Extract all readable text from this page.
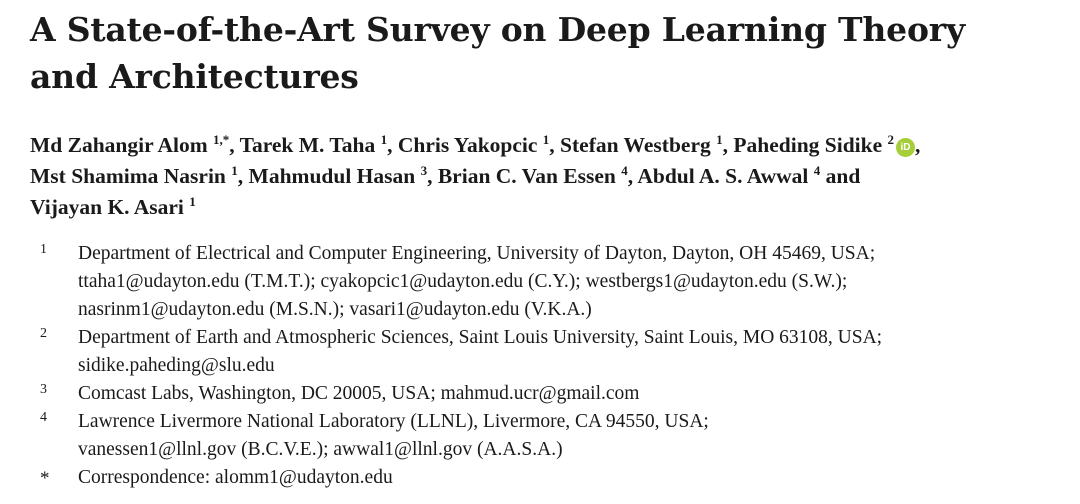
A State-of-the-Art Survey on Deep Learning Theory
and Architectures
Md Zahangir Alom $^{1,*}$, Tarek M. Taha $^1$, Chris Yakopcic $^1$, Stefan Westberg $^1$, Paheding Sidike $^2$iD ,
Mst Shamima Nasrin $^1$, Mahmudul Hasan $^3$, Brian C. Van Essen $^4$, Abdul A. S. Awwal $^4$ and
Vijayan K. Asari $^1$
1 Department of Electrical and Computer Engineering, University of Dayton, Dayton, OH 45469, USA;
ttaha1@udayton.edu (T.M.T.); cyakopcic1@udayton.edu (C.Y.); westbergs1@udayton.edu (S.W.);
nasrinm1@udayton.edu (M.S.N.); vasari1@udayton.edu (V.K.A.)
2 Department of Earth and Atmospheric Sciences, Saint Louis University, Saint Louis, MO 63108, USA;
sidike.paheding@slu.edu
3 Comcast Labs, Washington, DC 20005, USA; mahmud.ucr@gmail.com
4 Lawrence Livermore National Laboratory (LLNL), Livermore, CA 94550, USA;
vanessen1@llnl.gov (B.C.V.E.); awwal1@llnl.gov (A.A.S.A.)
* Correspondence: alomm1@udayton.edu
